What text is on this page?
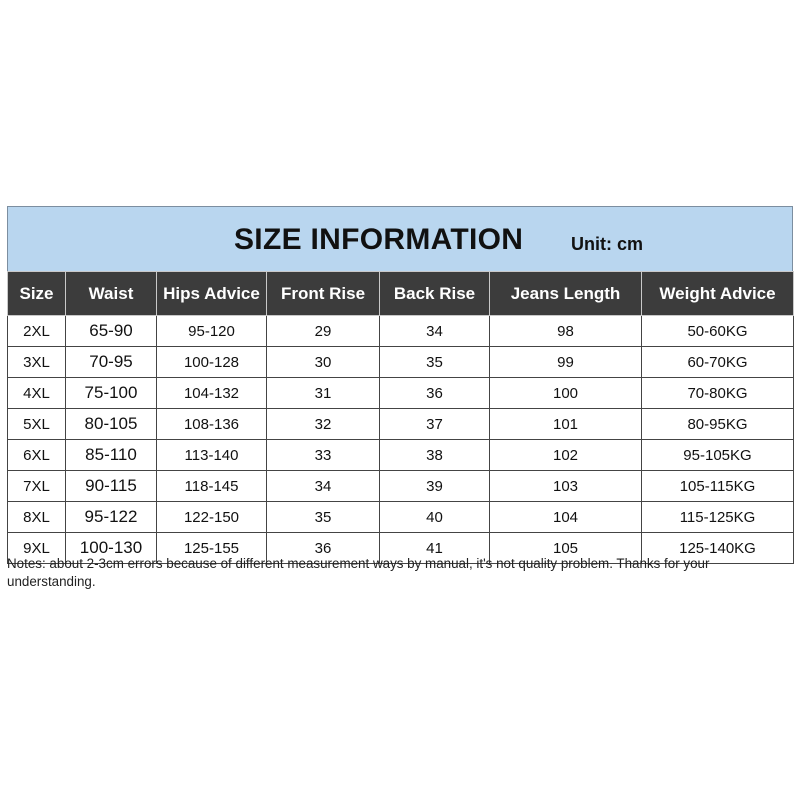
SIZE INFORMATION	Unit: cm
Size	Waist	Hips Advice	Front Rise	Back Rise	Jeans Length	Weight Advice
2XL	65-90	95-120	29	34	98	50-60KG
3XL	70-95	100-128	30	35	99	60-70KG
4XL	75-100	104-132	31	36	100	70-80KG
5XL	80-105	108-136	32	37	101	80-95KG
6XL	85-110	113-140	33	38	102	95-105KG
7XL	90-115	118-145	34	39	103	105-115KG
8XL	95-122	122-150	35	40	104	115-125KG
9XL	100-130	125-155	36	41	105	125-140KG
Notes: about 2-3cm errors because of different measurement ways by manual, it's not quality problem. Thanks for your understanding.
